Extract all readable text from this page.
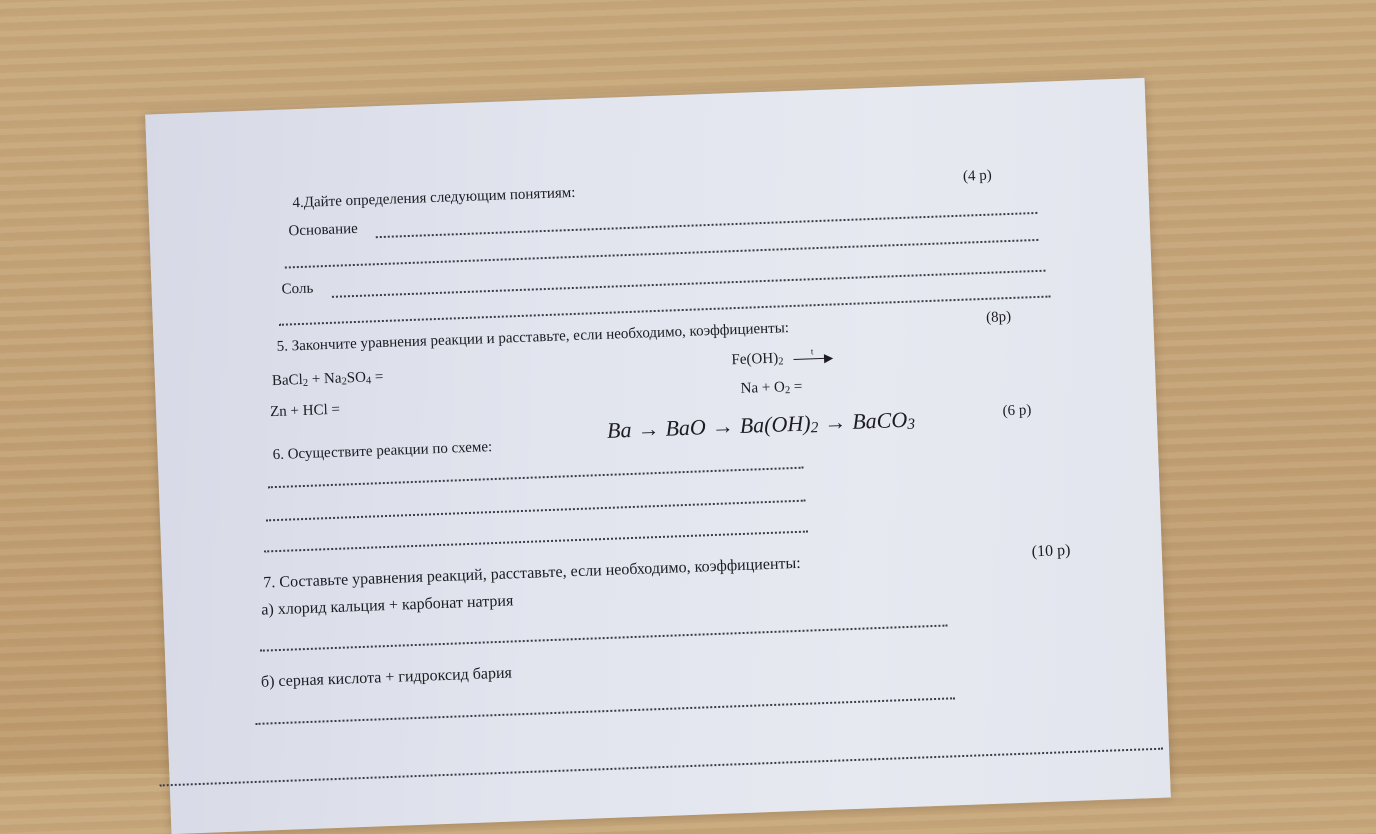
4.Дайте определения следующим понятиям:
(4 р)
Основание
Соль
5. Закончите уравнения реакции и расставьте, если необходимо, коэффициенты:
(8р)
BaCl$_2$ + $Na_2SO_4$ =
Zn + HCl =
$Fe(OH)_2$	▶
t
$Na + O_2$ =
6. Осуществите реакции по схеме:
Ba → BaO → $Ba(OH)_2$ → BaCO$_3$
(6 р)
7. Составьте уравнения реакций, расставьте, если необходимо, коэффициенты:
(10 р)
а) хлорид кальция + карбонат натрия
б) серная кислота + гидроксид бария
